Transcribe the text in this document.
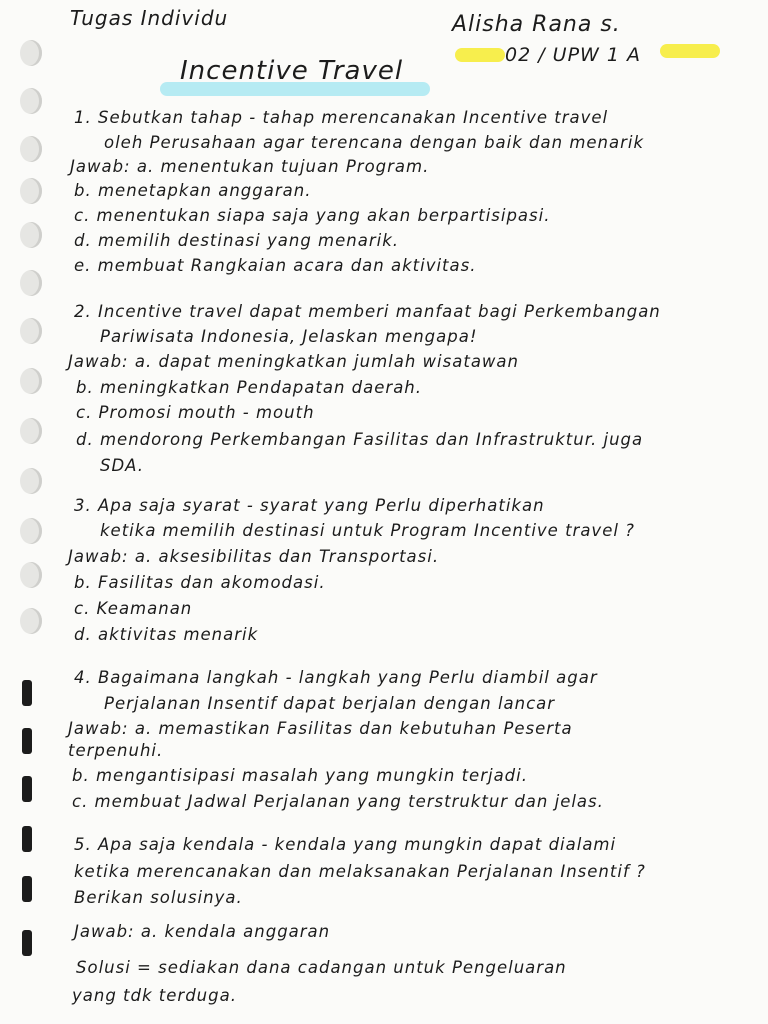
Tugas Individu	Alisha Rana s.
02 / UPW 1 A
Incentive Travel
1. Sebutkan tahap - tahap merencanakan Incentive travel
oleh Perusahaan agar terencana dengan baik dan menarik
Jawab: a. menentukan tujuan Program.
b. menetapkan anggaran.
c. menentukan siapa saja yang akan berpartisipasi.
d. memilih destinasi yang menarik.
e. membuat Rangkaian acara dan aktivitas.
2. Incentive travel dapat memberi manfaat bagi Perkembangan
Pariwisata Indonesia, Jelaskan mengapa!
Jawab: a. dapat meningkatkan jumlah wisatawan
b. meningkatkan Pendapatan daerah.
c. Promosi mouth - mouth
d. mendorong Perkembangan Fasilitas dan Infrastruktur. juga
SDA.
3. Apa saja syarat - syarat yang Perlu diperhatikan
ketika memilih destinasi untuk Program Incentive travel ?
Jawab: a. aksesibilitas dan Transportasi.
b. Fasilitas dan akomodasi.
c. Keamanan
d. aktivitas menarik
4. Bagaimana langkah - langkah yang Perlu diambil agar
Perjalanan Insentif dapat berjalan dengan lancar
Jawab: a. memastikan Fasilitas dan kebutuhan Peserta
terpenuhi.
b. mengantisipasi masalah yang mungkin terjadi.
c. membuat Jadwal Perjalanan yang terstruktur dan jelas.
5. Apa saja kendala - kendala yang mungkin dapat dialami
ketika merencanakan dan melaksanakan Perjalanan Insentif ?
Berikan solusinya.
Jawab: a. kendala anggaran
Solusi = sediakan dana cadangan untuk Pengeluaran
yang tdk terduga.
